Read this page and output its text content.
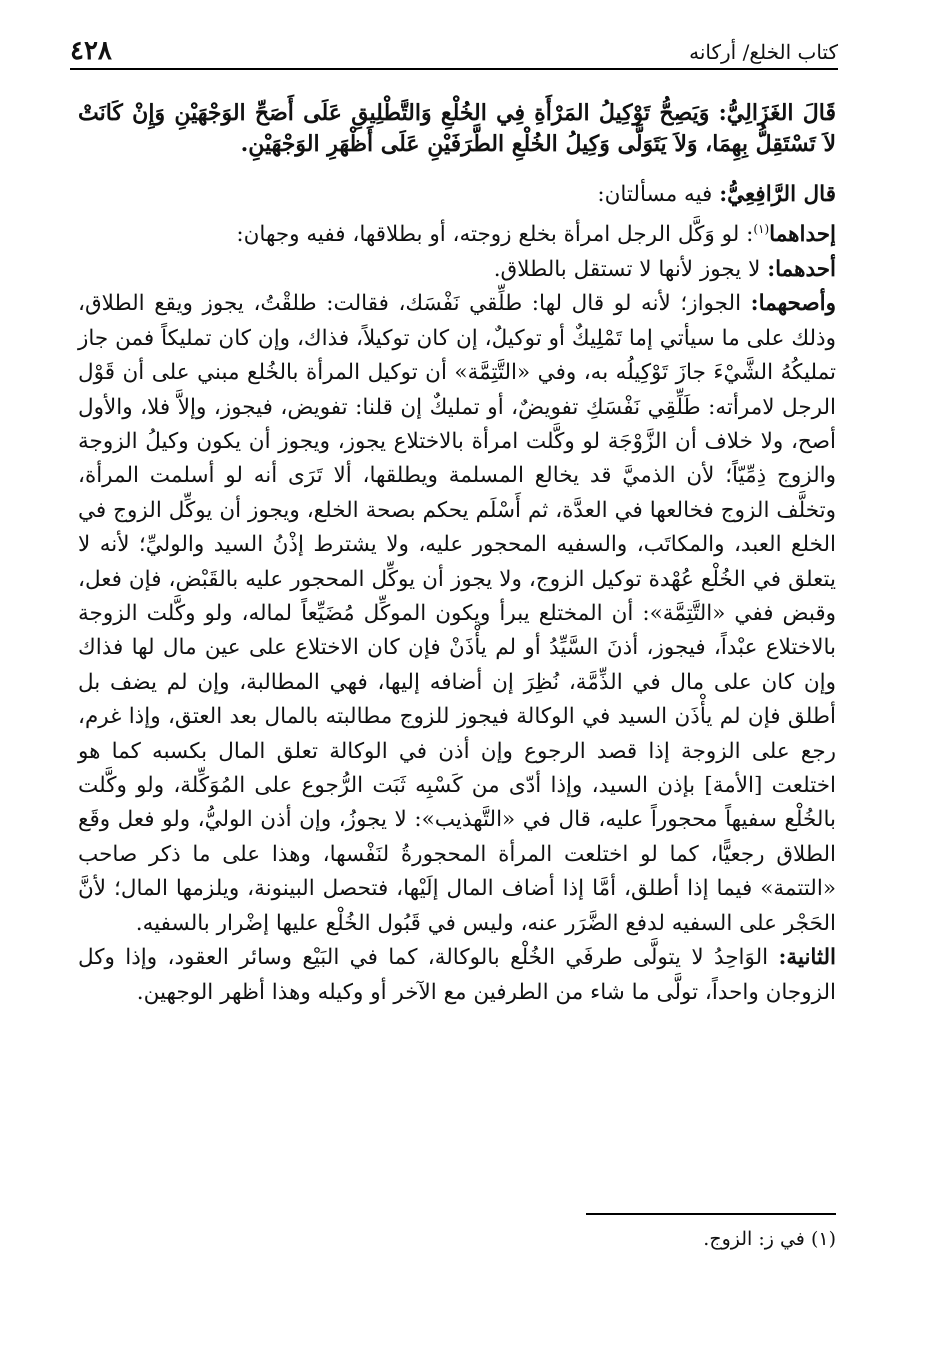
٤٢٨	كتاب الخلع/ أركانه

قَالَ الغَزَالِيُّ: وَيَصِحُّ تَوْكِيلُ المَرْأَةِ فِي الخُلْعِ وَالتَّطْلِيقِ عَلَى أَصَحِّ الوَجْهَيْنِ وَإِنْ كَانَتْ لاَ تَسْتَقِلُّ بِهِمَا، وَلاَ يَتَوَلَّى وَكِيلُ الخُلْعِ الطَّرَفَيْنِ عَلَى أَظْهَرِ الوَجْهَيْنِ.

قال الرَّافِعِيُّ: فيه مسألتان:

إحداهما$^{(١)}$: لو وَكَّل الرجل امرأة بخلع زوجته، أو بطلاقها، ففيه وجهان:

أحدهما: لا يجوز لأنها لا تستقل بالطلاق.

وأصحهما: الجواز؛ لأنه لو قال لها: طلِّقي نَفْسَك، فقالت: طلقْتُ، يجوز ويقع الطلاق، وذلك على ما سيأتي إما تَمْلِيكٌ أو توكيلٌ، إن كان توكيلاً، فذاك، وإن كان تمليكاً فمن جاز تمليكُهُ الشَّيْءَ جازَ تَوْكِيلُه به، وفي «التَّتِمَّة» أن توكيل المرأة بالخُلع مبني على أن قَوْل الرجل لامرأته: طَلِّقِي نَفْسَكِ تفويضٌ، أو تمليكٌ إن قلنا: تفويض، فيجوز، وإلاَّ فلا، والأول أصح، ولا خلاف أن الزَّوْجَة لو وكَّلت امرأة بالاختلاع يجوز، ويجوز أن يكون وكيلُ الزوجة والزوج ذِمِّيّاً؛ لأن الذميَّ قد يخالع المسلمة ويطلقها، ألا تَرَى أنه لو أسلمت المرأة، وتخلَّف الزوج فخالعها في العدَّة، ثم أَسْلَم يحكم بصحة الخلع، ويجوز أن يوكِّل الزوج في الخلع العبد، والمكاتَب، والسفيه المحجور عليه، ولا يشترط إذْنُ السيد والوليِّ؛ لأنه لا يتعلق في الخُلْع عُهْدة توكيل الزوج، ولا يجوز أن يوكِّل المحجور عليه بالقَبْض، فإن فعل، وقبض ففي «التَّتِمَّة»: أن المختلع يبرأ ويكون الموكِّل مُضَيِّعاً لماله، ولو وكَّلت الزوجة بالاختلاع عبْداً، فيجوز، أذنَ السَّيِّدُ أو لم يأْذَنْ فإن كان الاختلاع على عين مال لها فذاك وإن كان على مال في الذِّمَّة، نُظِرَ إن أضافه إليها، فهي المطالبة، وإن لم يضف بل أطلق فإن لم يأْذَن السيد في الوكالة فيجوز للزوج مطالبته بالمال بعد العتق، وإذا غرم، رجع على الزوجة إذا قصد الرجوع وإن أذن في الوكالة تعلق المال بكسبه كما هو اختلعت [الأمة] بإذن السيد، وإذا أدّى من كَسْبِه ثَبَت الرُّجوع على المُوَكِّلة، ولو وكَّلت بالخُلْع سفيهاً محجوراً عليه، قال في «التَّهذيب»: لا يجوزُ، وإن أذن الوليُّ، ولو فعل وقَع الطلاق رجعيًّا، كما لو اختلعت المرأة المحجورةُ لنَفْسها، وهذا على ما ذكر صاحب «التتمة» فيما إذا أطلق، أمَّا إذا أضاف المال إلَيْها، فتحصل البينونة، ويلزمها المال؛ لأنَّ الحَجْر على السفيه لدفع الضَّرَر عنه، وليس في قَبُول الخُلْع عليها إضْرار بالسفيه.

الثانية: الوَاحِدُ لا يتولَّى طرفَي الخُلْع بالوكالة، كما في البَيْع وسائر العقود، وإذا وكل الزوجان واحداً، تولَّى ما شاء من الطرفين مع الآخر أو وكيله وهذا أظهر الوجهين.

(١) في ز: الزوج.
